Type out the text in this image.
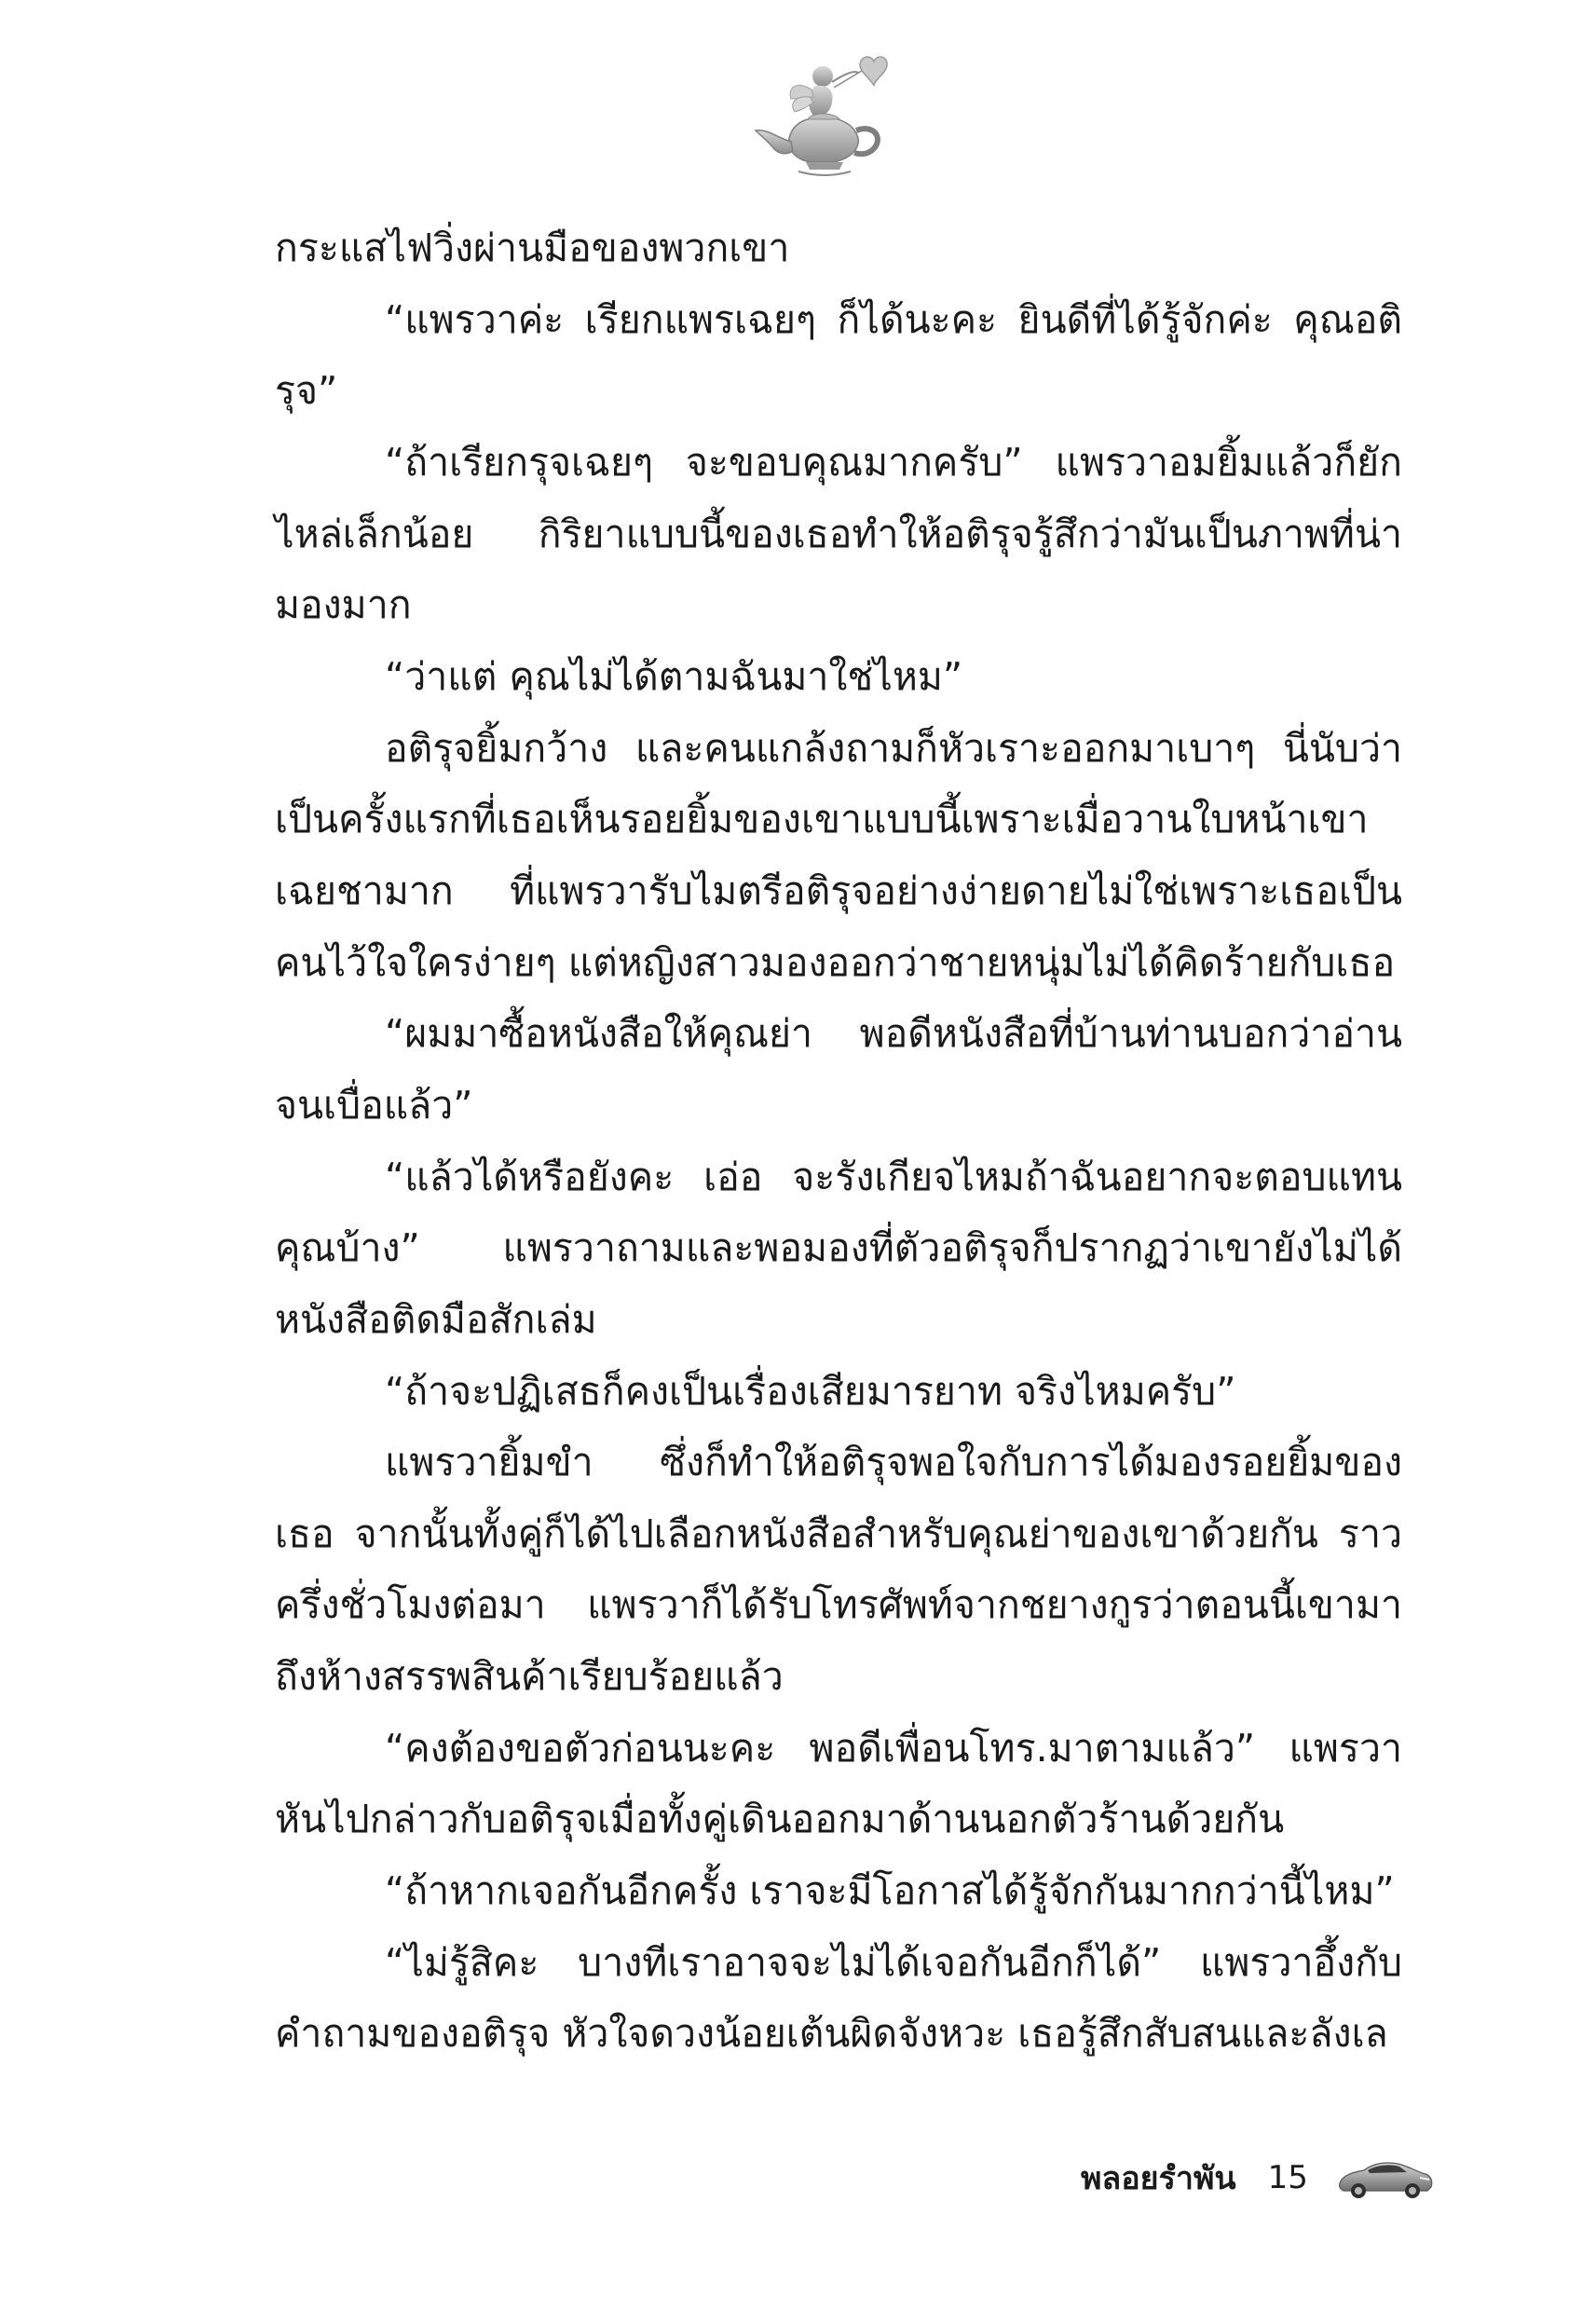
กระแสไฟวิ่งผ่านมือของพวกเขา

“แพรวาค่ะ เรียกแพรเฉยๆ ก็ได้นะคะ ยินดีที่ได้รู้จักค่ะ คุณอติรุจ”

“ถ้าเรียกรุจเฉยๆ จะขอบคุณมากครับ” แพรวาอมยิ้มแล้วก็ยักไหล่เล็กน้อย กิริยาแบบนี้ของเธอทำให้อติรุจรู้สึกว่ามันเป็นภาพที่น่ามองมาก

“ว่าแต่ คุณไม่ได้ตามฉันมาใช่ไหม”

อติรุจยิ้มกว้าง และคนแกล้งถามก็หัวเราะออกมาเบาๆ นี่นับว่าเป็นครั้งแรกที่เธอเห็นรอยยิ้มของเขาแบบนี้เพราะเมื่อวานใบหน้าเขาเฉยชามาก ที่แพรวารับไมตรีอติรุจอย่างง่ายดายไม่ใช่เพราะเธอเป็นคนไว้ใจใครง่ายๆ แต่หญิงสาวมองออกว่าชายหนุ่มไม่ได้คิดร้ายกับเธอ

“ผมมาซื้อหนังสือให้คุณย่า พอดีหนังสือที่บ้านท่านบอกว่าอ่านจนเบื่อแล้ว”

“แล้วได้หรือยังคะ เอ่อ จะรังเกียจไหมถ้าฉันอยากจะตอบแทนคุณบ้าง” แพรวาถามและพอมองที่ตัวอติรุจก็ปรากฏว่าเขายังไม่ได้หนังสือติดมือสักเล่ม

“ถ้าจะปฏิเสธก็คงเป็นเรื่องเสียมารยาท จริงไหมครับ”

แพรวายิ้มขำ ซึ่งก็ทำให้อติรุจพอใจกับการได้มองรอยยิ้มของเธอ จากนั้นทั้งคู่ก็ได้ไปเลือกหนังสือสำหรับคุณย่าของเขาด้วยกัน ราวครึ่งชั่วโมงต่อมา แพรวาก็ได้รับโทรศัพท์จากชยางกูรว่าตอนนี้เขามาถึงห้างสรรพสินค้าเรียบร้อยแล้ว

“คงต้องขอตัวก่อนนะคะ พอดีเพื่อนโทร.มาตามแล้ว” แพรวาหันไปกล่าวกับอติรุจเมื่อทั้งคู่เดินออกมาด้านนอกตัวร้านด้วยกัน

“ถ้าหากเจอกันอีกครั้ง เราจะมีโอกาสได้รู้จักกันมากกว่านี้ไหม”

“ไม่รู้สิคะ บางทีเราอาจจะไม่ได้เจอกันอีกก็ได้” แพรวาอึ้งกับคำถามของอติรุจ หัวใจดวงน้อยเต้นผิดจังหวะ เธอรู้สึกสับสนและลังเล

พลอยรำพัน 15
